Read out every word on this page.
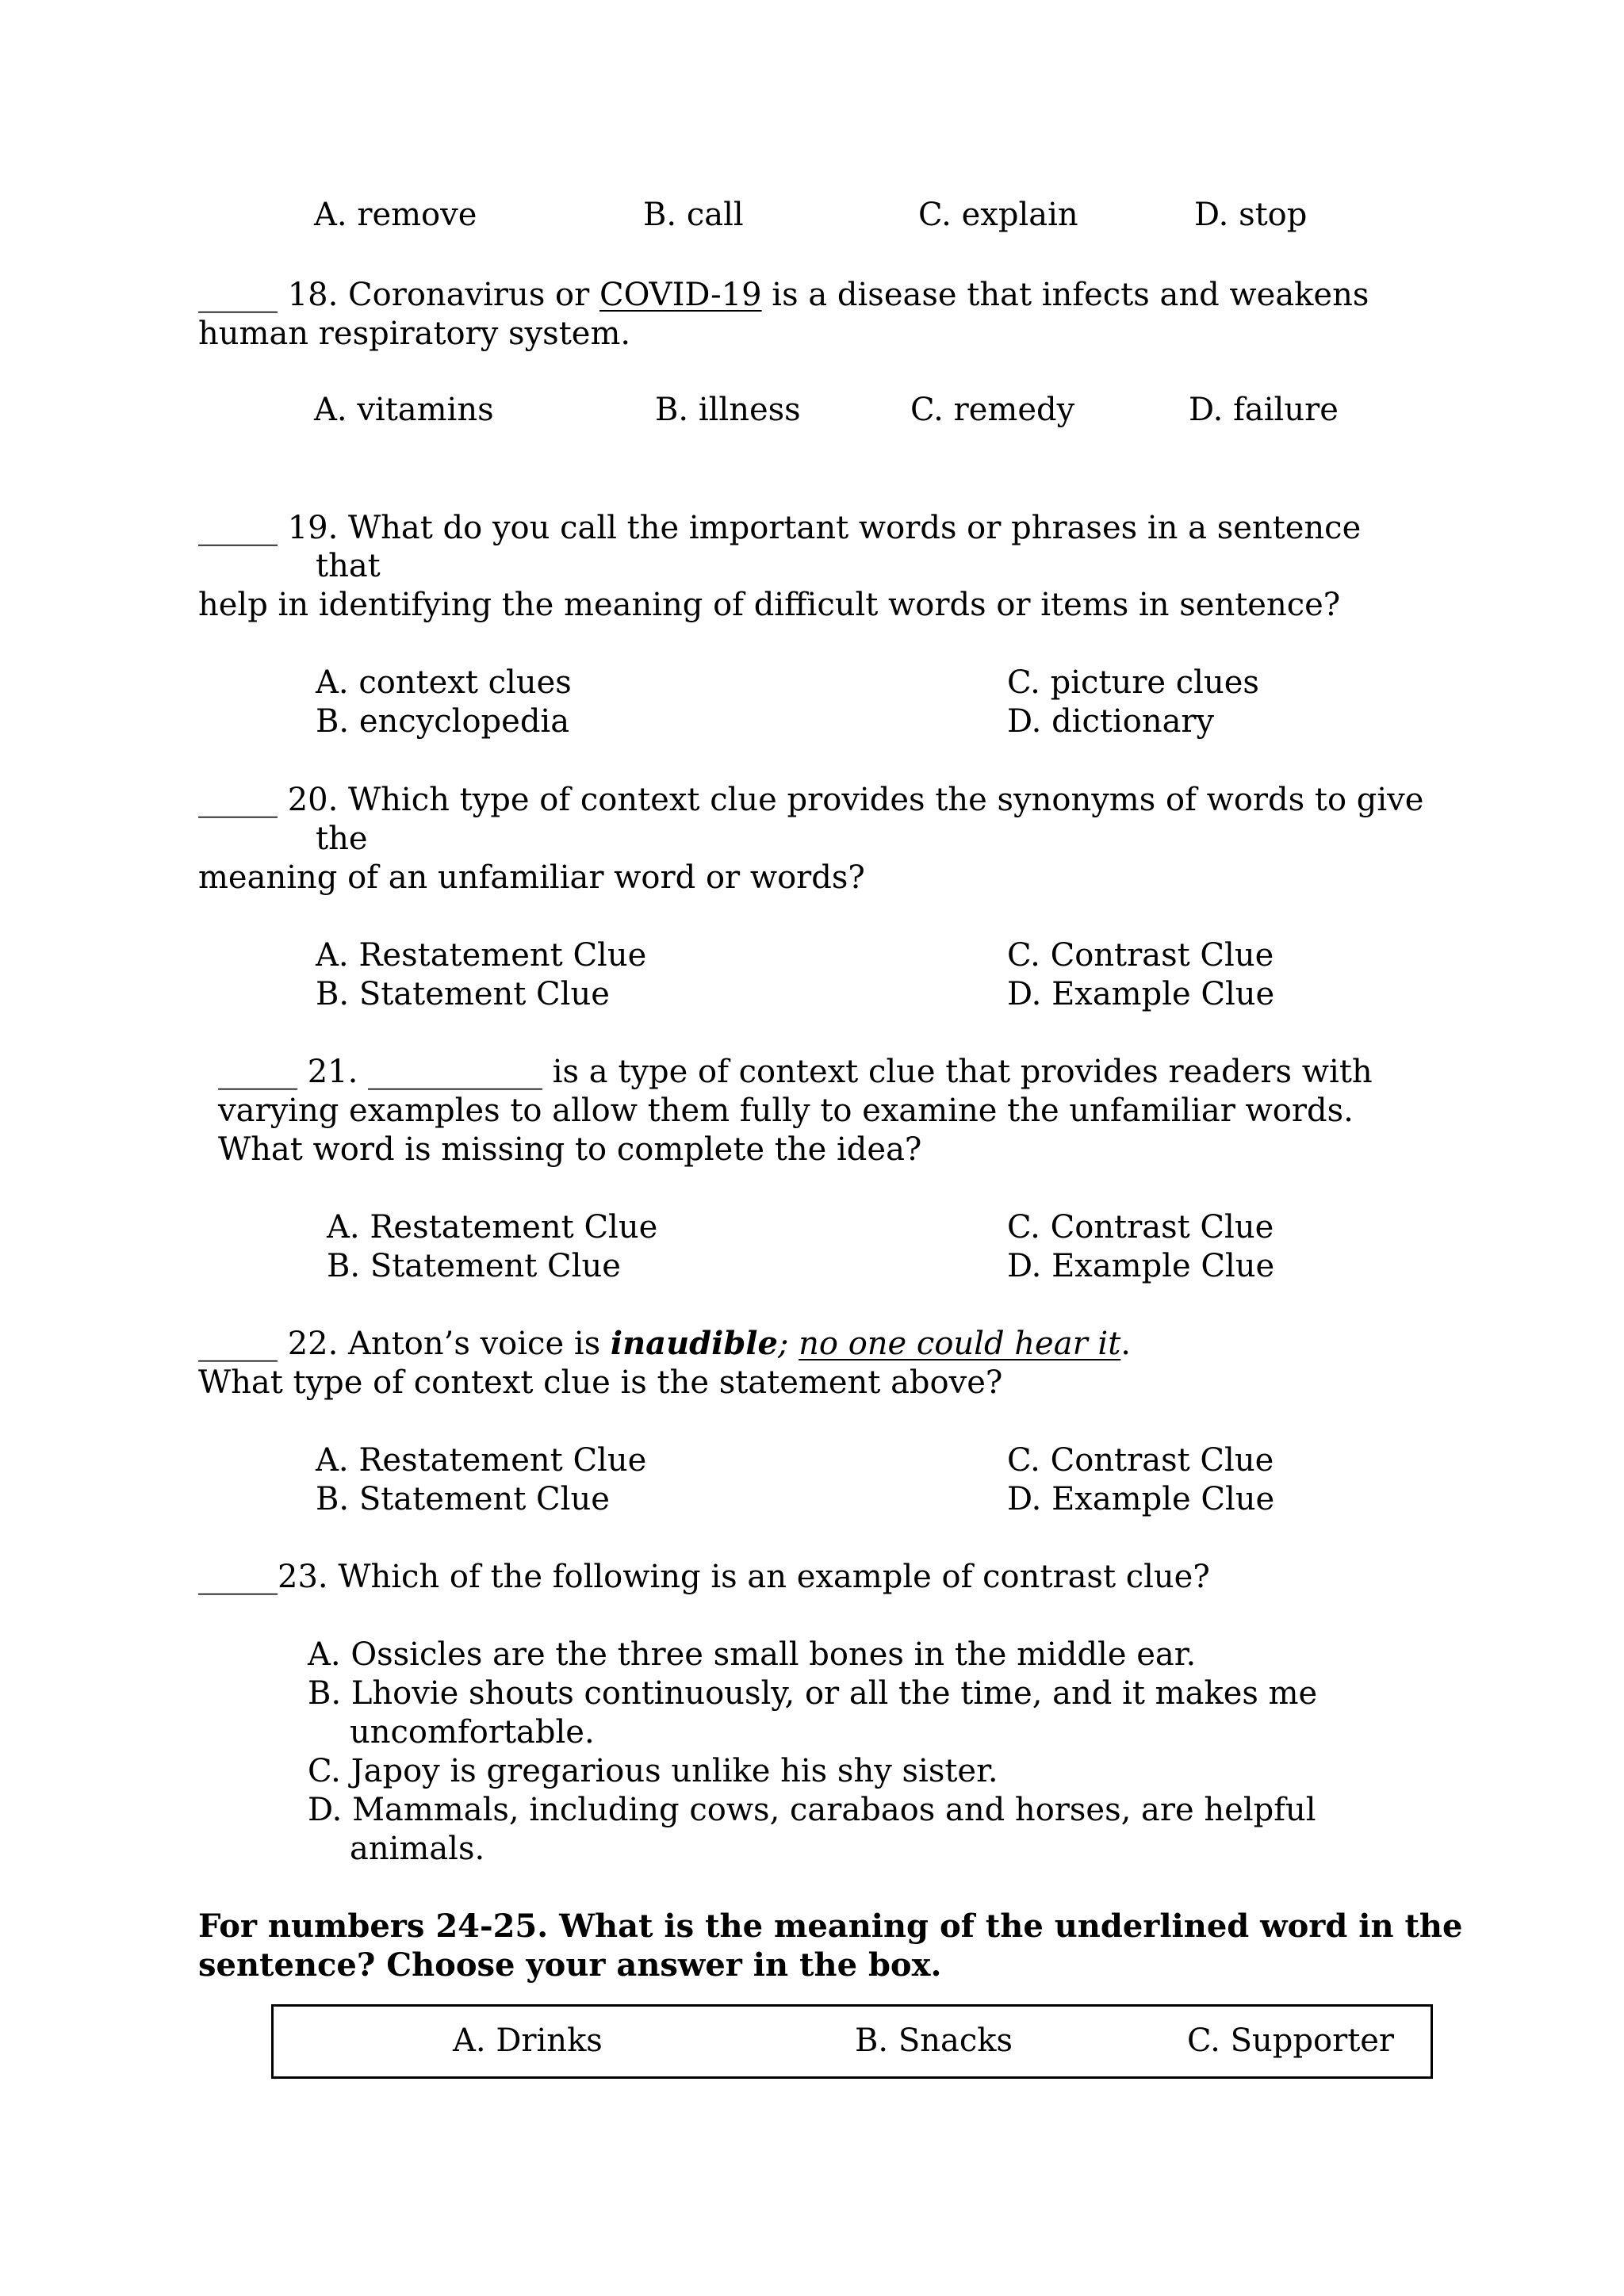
A. remove	B. call	C. explain	D. stop
_____ 18. Coronavirus or COVID-19 is a disease that infects and weakens
human respiratory system.
A. vitamins	B. illness	C. remedy	D. failure
_____ 19. What do you call the important words or phrases in a sentence
that
help in identifying the meaning of difficult words or items in sentence?
A. context clues
B. encyclopedia
C. picture clues
D. dictionary
_____ 20. Which type of context clue provides the synonyms of words to give
the
meaning of an unfamiliar word or words?
A. Restatement Clue
B. Statement Clue
C. Contrast Clue
D. Example Clue
_____ 21. ___________ is a type of context clue that provides readers with
varying examples to allow them fully to examine the unfamiliar words.
What word is missing to complete the idea?
A. Restatement Clue
B. Statement Clue
C. Contrast Clue
D. Example Clue
_____ 22. Anton’s voice is inaudible; no one could hear it.
What type of context clue is the statement above?
A. Restatement Clue
B. Statement Clue
C. Contrast Clue
D. Example Clue
_____23. Which of the following is an example of contrast clue?
A. Ossicles are the three small bones in the middle ear.
B. Lhovie shouts continuously, or all the time, and it makes me
uncomfortable.
C. Japoy is gregarious unlike his shy sister.
D. Mammals, including cows, carabaos and horses, are helpful
animals.
For numbers 24-25. What is the meaning of the underlined word in the
sentence? Choose your answer in the box.
A. Drinks	B. Snacks	C. Supporter
